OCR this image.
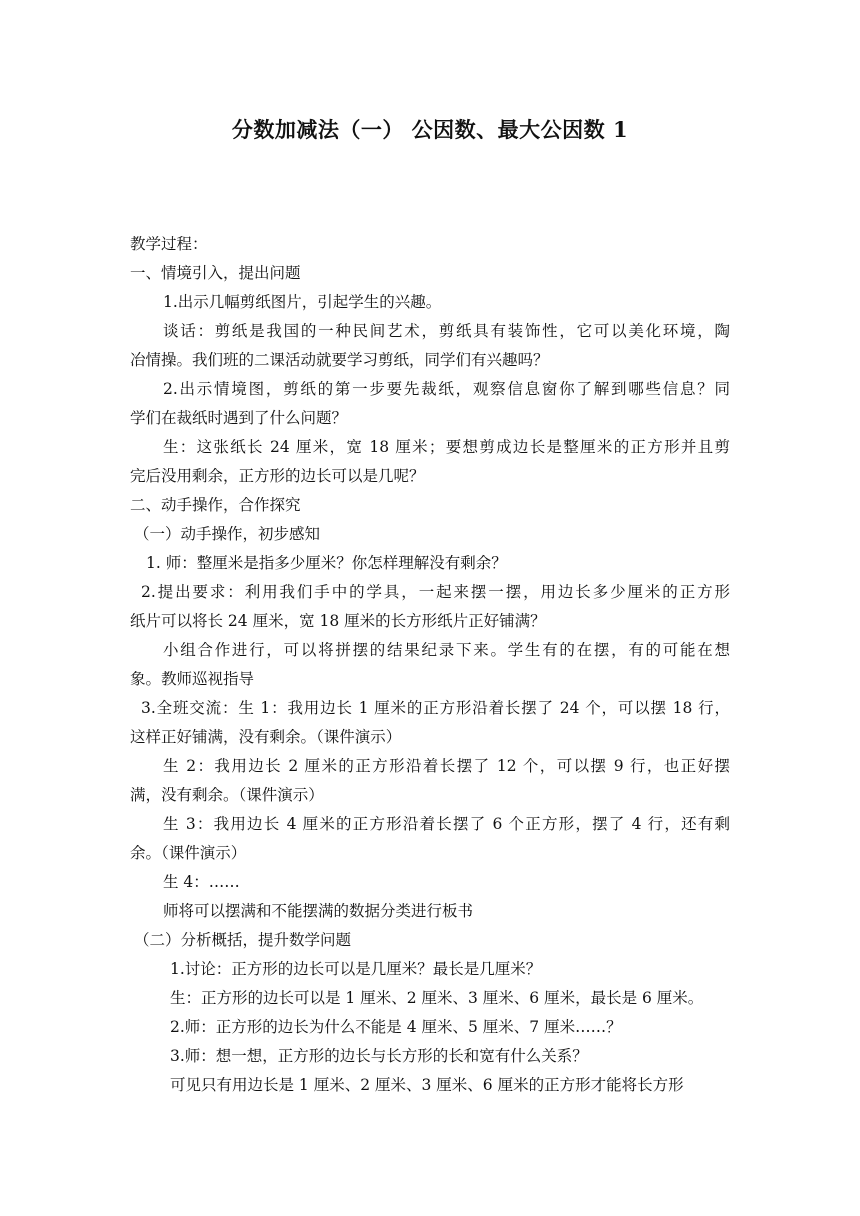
分数加减法（一） 公因数、最大公因数 1
教学过程：
一、情境引入，提出问题
1.出示几幅剪纸图片，引起学生的兴趣。
谈话：剪纸是我国的一种民间艺术，剪纸具有装饰性，它可以美化环境，陶
冶情操。我们班的二课活动就要学习剪纸，同学们有兴趣吗？
2.出示情境图，剪纸的第一步要先裁纸，观察信息窗你了解到哪些信息？同
学们在裁纸时遇到了什么问题？
生：这张纸长 24 厘米，宽 18 厘米；要想剪成边长是整厘米的正方形并且剪
完后没用剩余，正方形的边长可以是几呢？
二、动手操作，合作探究
（一）动手操作，初步感知
1. 师：整厘米是指多少厘米？你怎样理解没有剩余？
2.提出要求：利用我们手中的学具，一起来摆一摆，用边长多少厘米的正方形
纸片可以将长 24 厘米，宽 18 厘米的长方形纸片正好铺满？
小组合作进行，可以将拼摆的结果纪录下来。学生有的在摆，有的可能在想
象。教师巡视指导
3.全班交流：生 1：我用边长 1 厘米的正方形沿着长摆了 24 个，可以摆 18 行，
这样正好铺满，没有剩余。（课件演示）
生 2：我用边长 2 厘米的正方形沿着长摆了 12 个，可以摆 9 行，也正好摆
满，没有剩余。（课件演示）
生 3：我用边长 4 厘米的正方形沿着长摆了 6 个正方形，摆了 4 行，还有剩
余。（课件演示）
生 4：……
师将可以摆满和不能摆满的数据分类进行板书
（二）分析概括，提升数学问题
1.讨论：正方形的边长可以是几厘米？最长是几厘米？
生：正方形的边长可以是 1 厘米、2 厘米、3 厘米、6 厘米，最长是 6 厘米。
2.师：正方形的边长为什么不能是 4 厘米、5 厘米、7 厘米……？
3.师：想一想，正方形的边长与长方形的长和宽有什么关系？
可见只有用边长是 1 厘米、2 厘米、3 厘米、6 厘米的正方形才能将长方形
